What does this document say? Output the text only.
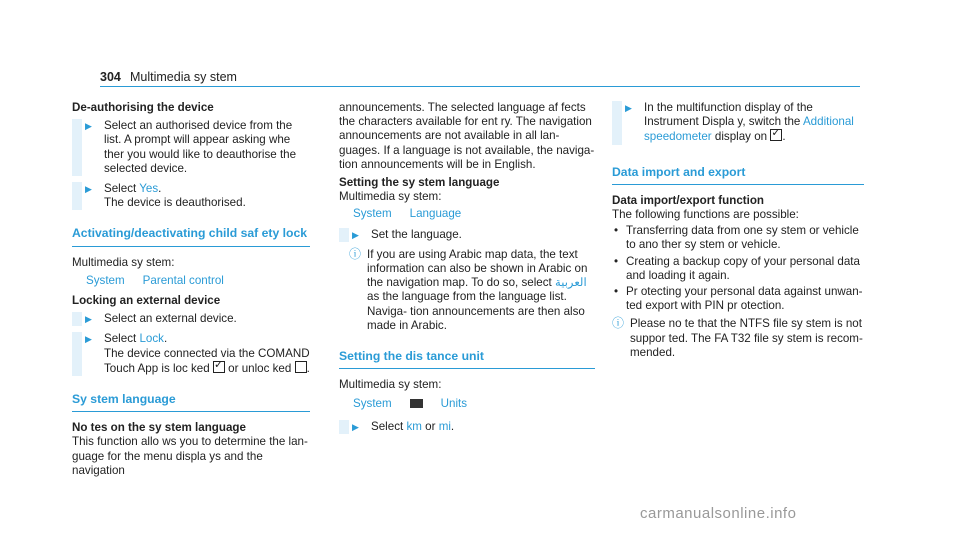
304 Multimedia sy stem
De‑authorising the device
▶	Select an authorised device from the list. A prompt will appear asking whe ther you would like to deauthorise the selected device.
▶	Select Yes.
The device is deauthorised.
Activating/deactivating child saf ety lock
Multimedia sy stem:
System Parental control
Locking an external device
▶	Select an external device.
▶	Select Lock.
The device connected via the COMAND Touch App is loc ked ✓ or unloc ked .
Sy stem language
No tes on the sy stem language
This function allo ws you to determine the lan‐ guage for the menu displa ys and the navigation
announcements. The selected language af fects the characters available for ent ry. The navigation announcements are not available in all lan‐ guages. If a language is not available, the naviga‐ tion announcements will be in English.
Setting the sy stem language
Multimedia sy stem:
System Language
▶	Set the language.
ⓘ If you are using Arabic map data, the text information can also be shown in Arabic on the navigation map. To do so, select العربية as the language from the language list. Naviga‐ tion announcements are then also made in Arabic.
Setting the dis tance unit
Multimedia sy stem:
System	Units
▶	Select km or mi.
▶	In the multifunction display of the Instrument Displa y, switch the Additional speedometer display on ✓ .
Data import and export
Data import/export function
The following functions are possible:
• Transferring data from one sy stem or vehicle to ano ther sy stem or vehicle.
• Creating a backup copy of your personal data and loading it again.
• Pr otecting your personal data against unwan‐ ted export with PIN pr otection.
ⓘ Please no te that the NTFS file sy stem is not suppor ted. The FA T32 file sy stem is recom‐ mended.
carmanualsonline.info
